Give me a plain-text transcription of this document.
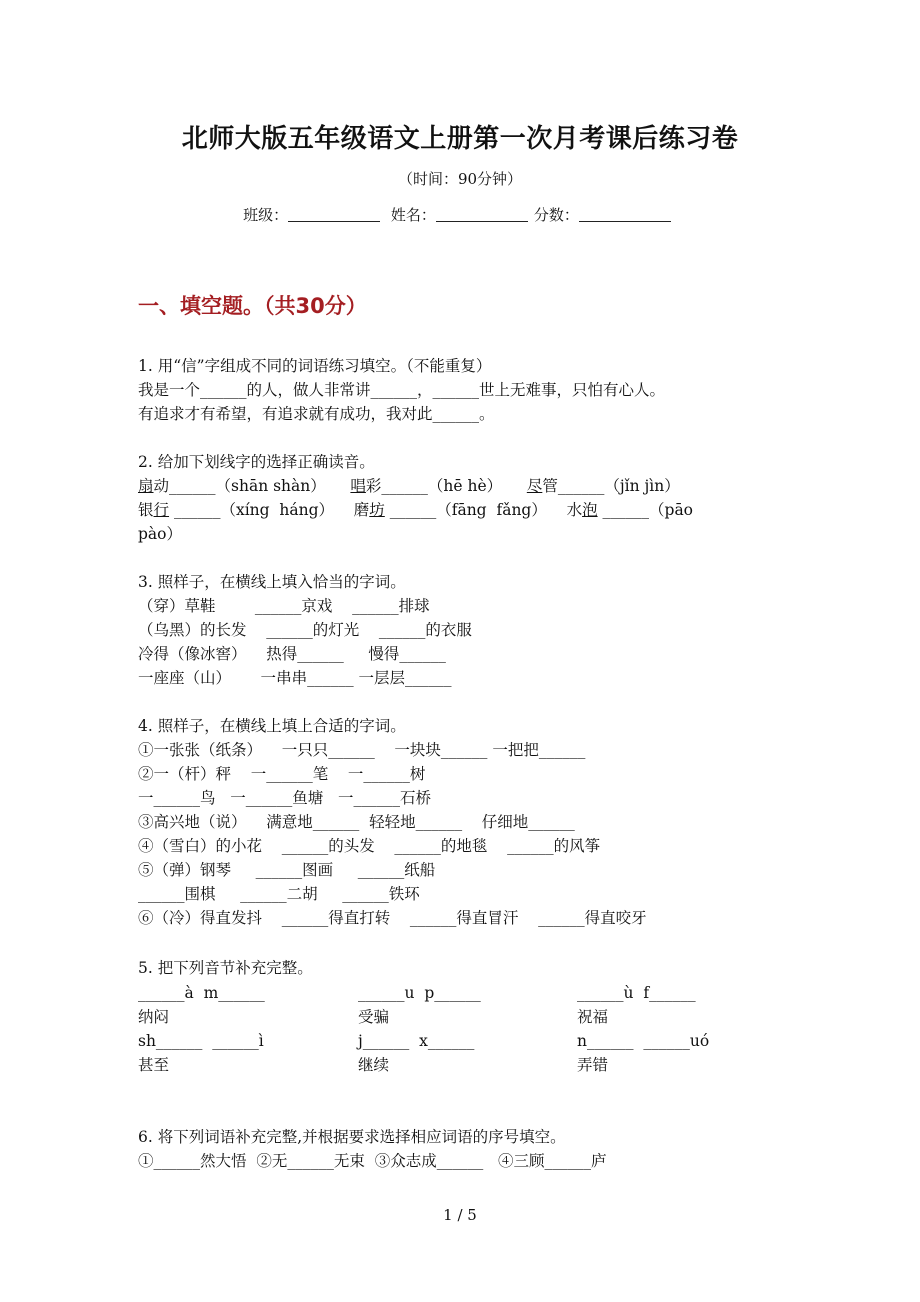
北师大版五年级语文上册第一次月考课后练习卷
（时间：90分钟）
班级：	姓名：	分数：
一、填空题。（共30分）
1. 用“信”字组成不同的词语练习填空。（不能重复）
我是一个______的人，做人非常讲______，______世上无难事，只怕有心人。
有追求才有希望，有追求就有成功，我对此______。
2. 给加下划线字的选择正确读音。
扇动______（shān shàn） 唱彩______（hē hè） 尽管______（jǐn jìn）
银行 ______（xíng  háng） 磨坊 ______（fāng  fǎng） 水泡 ______（pāo
pào）
3. 照样子，在横线上填入恰当的字词。
（穿）草鞋        ______京戏    ______排球
（乌黑）的长发    ______的灯光    ______的衣服
冷得（像冰窖）    热得______     慢得______
一座座（山）      一串串______ 一层层______
4. 照样子，在横线上填上合适的字词。
①一张张（纸条）    一只只______    一块块______ 一把把______
②一（杆）秤    一______笔    一______树
一______鸟   一______鱼塘   一______石桥
③高兴地（说）    满意地______  轻轻地______    仔细地______
④（雪白）的小花    ______的头发    ______的地毯    ______的风筝
⑤（弹）钢琴     ______图画     ______纸船
______围棋     ______二胡     ______铁环
⑥（冷）得直发抖    ______得直打转    ______得直冒汗    ______得直咬牙
5. 把下列音节补充完整。
______à  m______	______u  p______	______ù  f______
纳闷	受骗	祝福
sh______  ______ì	j______  x______	n______  ______uó
甚至	继续	弄错
6. 将下列词语补充完整,并根据要求选择相应词语的序号填空。
①______然大悟  ②无______无束  ③众志成______   ④三顾______庐
1 / 5
